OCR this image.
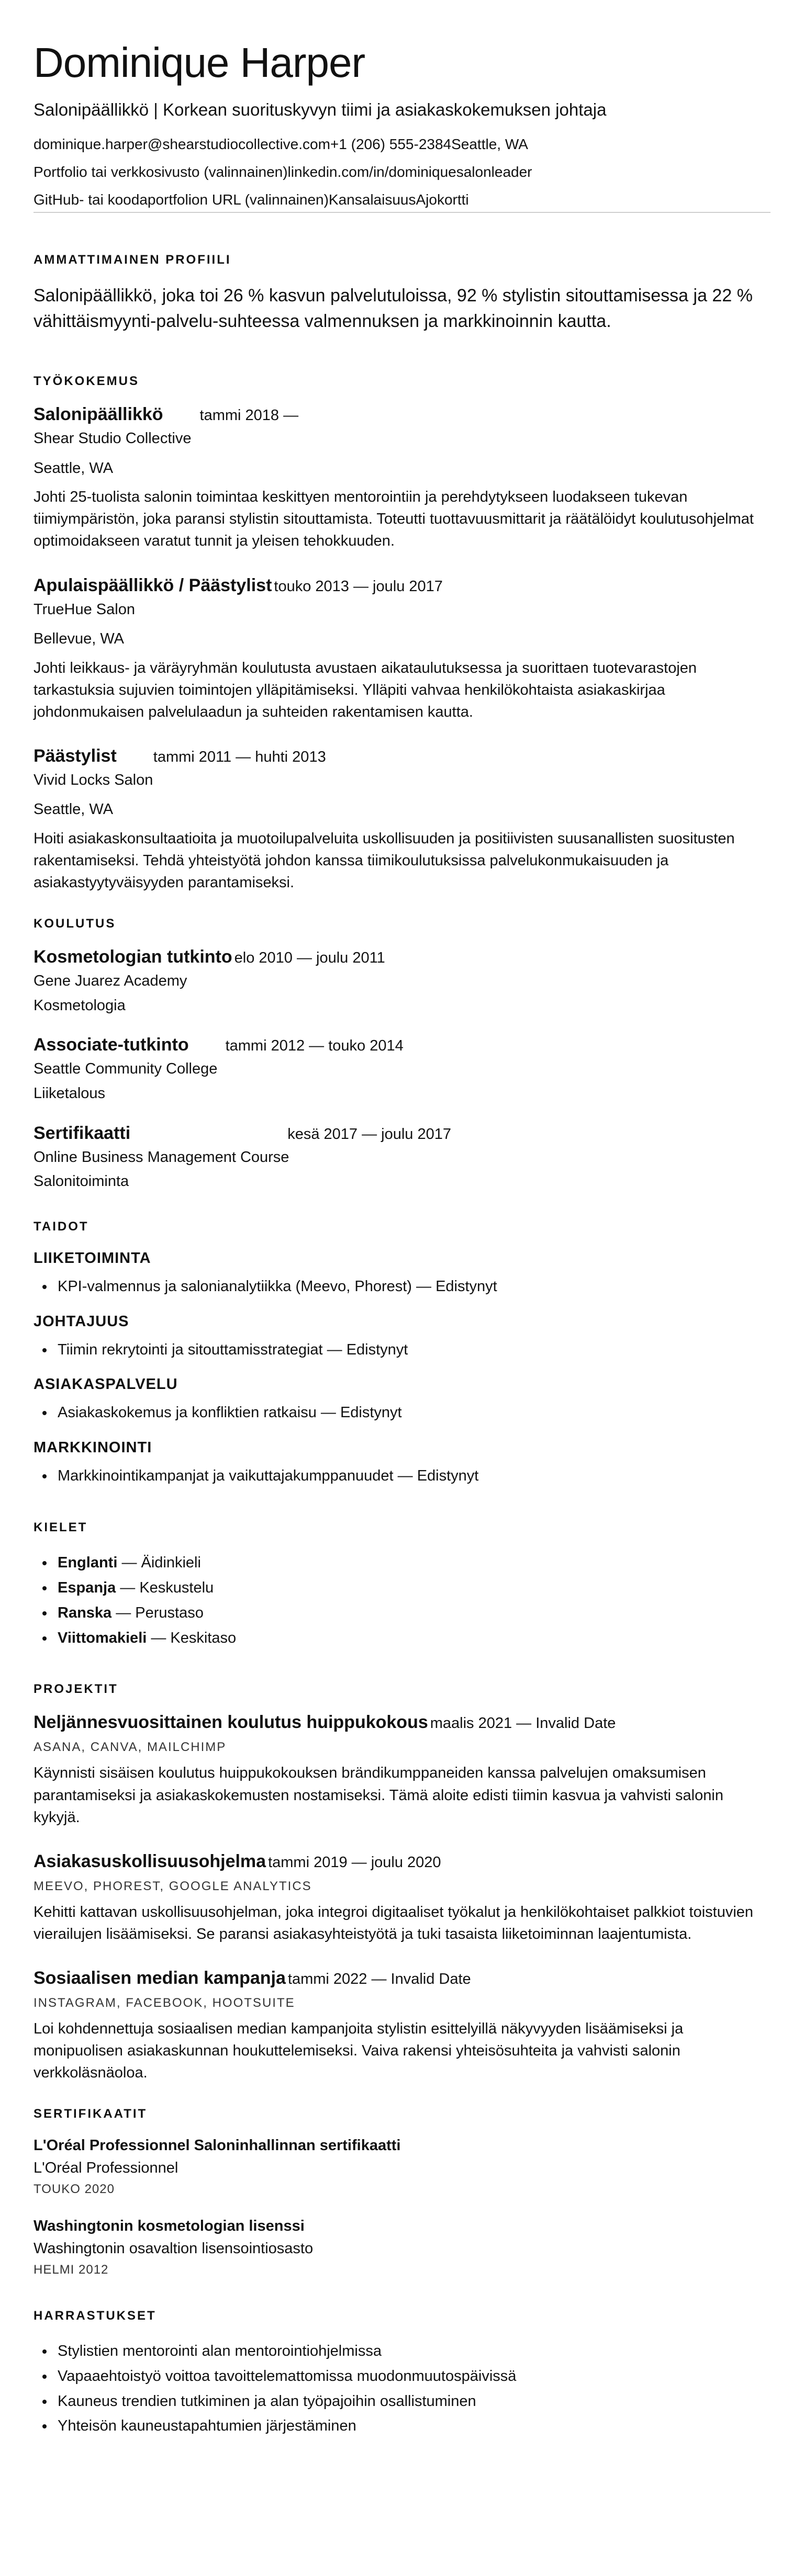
Dominique Harper
Salonipäällikkö | Korkean suorituskyvyn tiimi ja asiakaskokemuksen johtaja
dominique.harper@shearstudiocollective.com+1 (206) 555-2384Seattle, WA
Portfolio tai verkkosivusto (valinnainen)linkedin.com/in/dominiquesalonleader
GitHub- tai koodaportfolion URL (valinnainen)KansalaisuusAjokortti
AMMATTIMAINEN PROFIILI
Salonipäällikkö, joka toi 26 % kasvun palvelutuloissa, 92 % stylistin sitouttamisessa ja 22 % vähittäismyynti-palvelu-suhteessa valmennuksen ja markkinoinnin kautta.
TYÖKOKEMUS
Salonipäällikkö tammi 2018 —
Shear Studio Collective
Seattle, WA
Johti 25-tuolista salonin toimintaa keskittyen mentorointiin ja perehdytykseen luodakseen tukevan tiimiympäristön, joka paransi stylistin sitouttamista. Toteutti tuottavuusmittarit ja räätälöidyt koulutusohjelmat optimoidakseen varatut tunnit ja yleisen tehokkuuden.
Apulaispäällikkö / Päästylist touko 2013 — joulu 2017
TrueHue Salon
Bellevue, WA
Johti leikkaus- ja väräyryhmän koulutusta avustaen aikataulutuksessa ja suorittaen tuotevarastojen tarkastuksia sujuvien toimintojen ylläpitämiseksi. Ylläpiti vahvaa henkilökohtaista asiakaskirjaa johdonmukaisen palvelulaadun ja suhteiden rakentamisen kautta.
Päästylist tammi 2011 — huhti 2013
Vivid Locks Salon
Seattle, WA
Hoiti asiakaskonsultaatioita ja muotoilupalveluita uskollisuuden ja positiivisten suusanallisten suositusten rakentamiseksi. Tehdä yhteistyötä johdon kanssa tiimikoulutuksissa palvelukonmukaisuuden ja asiakastyytyväisyyden parantamiseksi.
KOULUTUS
Kosmetologian tutkinto elo 2010 — joulu 2011
Gene Juarez Academy
Kosmetologia
Associate-tutkinto tammi 2012 — touko 2014
Seattle Community College
Liiketalous
Sertifikaatti	kesä 2017 — joulu 2017
Online Business Management Course
Salonitoiminta
TAIDOT
LIIKETOIMINTA
• KPI-valmennus ja salonianalytiikka (Meevo, Phorest) — Edistynyt
JOHTAJUUS
• Tiimin rekrytointi ja sitouttamisstrategiat — Edistynyt
ASIAKASPALVELU
• Asiakaskokemus ja konfliktien ratkaisu — Edistynyt
MARKKINOINTI
• Markkinointikampanjat ja vaikuttajakumppanuudet — Edistynyt
KIELET
• Englanti — Äidinkieli
• Espanja — Keskustelu
• Ranska — Perustaso
• Viittomakieli — Keskitaso
PROJEKTIT
Neljännesvuosittainen koulutus huippukokous maalis 2021 — Invalid Date
ASANA, CANVA, MAILCHIMP
Käynnisti sisäisen koulutus huippukokouksen brändikumppaneiden kanssa palvelujen omaksumisen parantamiseksi ja asiakaskokemusten nostamiseksi. Tämä aloite edisti tiimin kasvua ja vahvisti salonin kykyjä.
Asiakasuskollisuusohjelma tammi 2019 — joulu 2020
MEEVO, PHOREST, GOOGLE ANALYTICS
Kehitti kattavan uskollisuusohjelman, joka integroi digitaaliset työkalut ja henkilökohtaiset palkkiot toistuvien vierailujen lisäämiseksi. Se paransi asiakasyhteistyötä ja tuki tasaista liiketoiminnan laajentumista.
Sosiaalisen median kampanja tammi 2022 — Invalid Date
INSTAGRAM, FACEBOOK, HOOTSUITE
Loi kohdennettuja sosiaalisen median kampanjoita stylistin esittelyillä näkyvyyden lisäämiseksi ja monipuolisen asiakaskunnan houkuttelemiseksi. Vaiva rakensi yhteisösuhteita ja vahvisti salonin verkkoläsnäoloa.
SERTIFIKAATIT
L'Oréal Professionnel Saloninhallinnan sertifikaatti
L'Oréal Professionnel
TOUKO 2020
Washingtonin kosmetologian lisenssi
Washingtonin osavaltion lisensointiosasto
HELMI 2012
HARRASTUKSET
• Stylistien mentorointi alan mentorointiohjelmissa
• Vapaaehtoistyö voittoa tavoittelemattomissa muodonmuutospäivissä
• Kauneus trendien tutkiminen ja alan työpajoihin osallistuminen
• Yhteisön kauneustapahtumien järjestäminen
